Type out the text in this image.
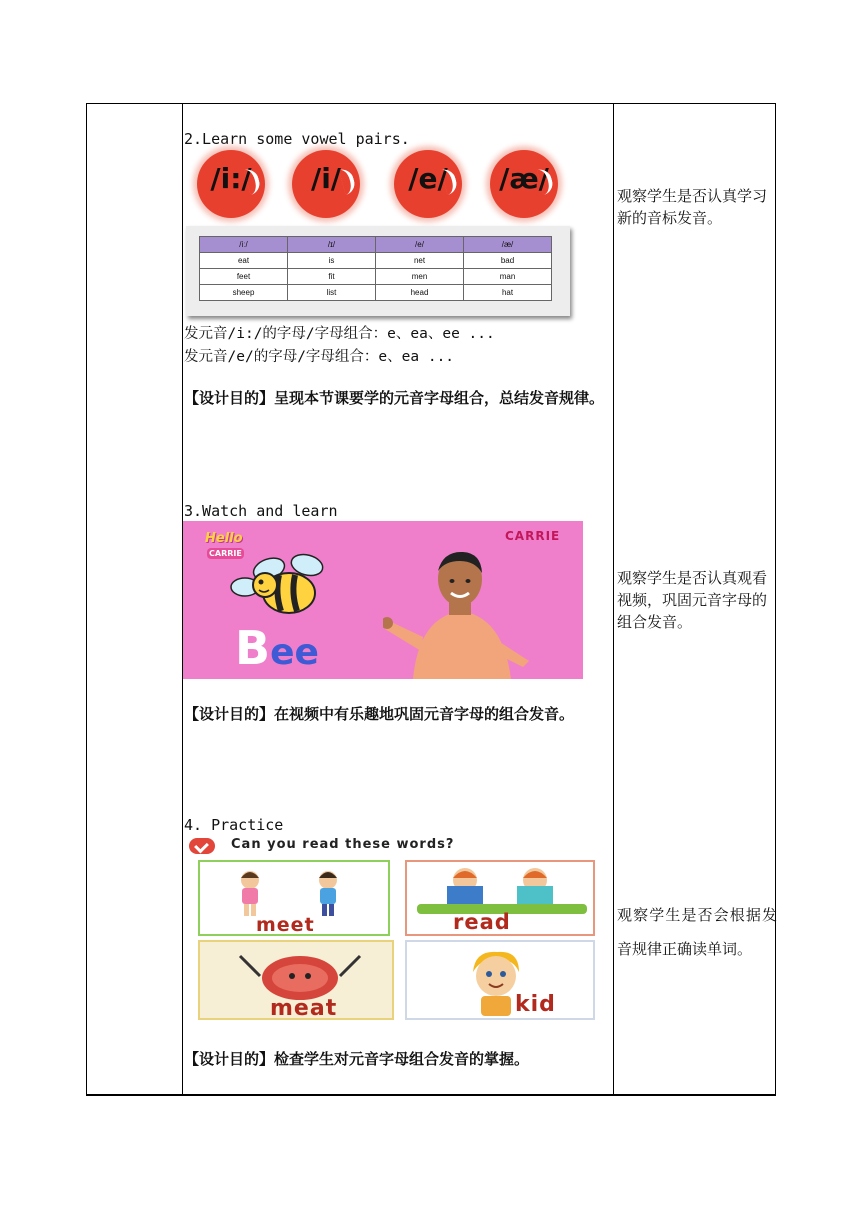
2.Learn some vowel pairs.
/i:/	/i/	/e/	/æ/
/iː/	/ɪ/	/e/	/æ/
eat	is	net	bad
feet	fit	men	man
sheep	list	head	hat
发元音/i:/的字母/字母组合：e、ea、ee ...
发元音/e/的字母/字母组合：e、ea ...
【设计目的】呈现本节课要学的元音字母组合，总结发音规律。
观察学生是否认真学习新的音标发音。
3.Watch and learn
Hello
CARRIE
CARRIE
Bee
【设计目的】在视频中有乐趣地巩固元音字母的组合发音。
观察学生是否认真观看视频，巩固元音字母的组合发音。
4. Practice
Can you read these words?
meet	read
meat	kid
【设计目的】检查学生对元音字母组合发音的掌握。
观察学生是否会根据发音规律正确读单词。
